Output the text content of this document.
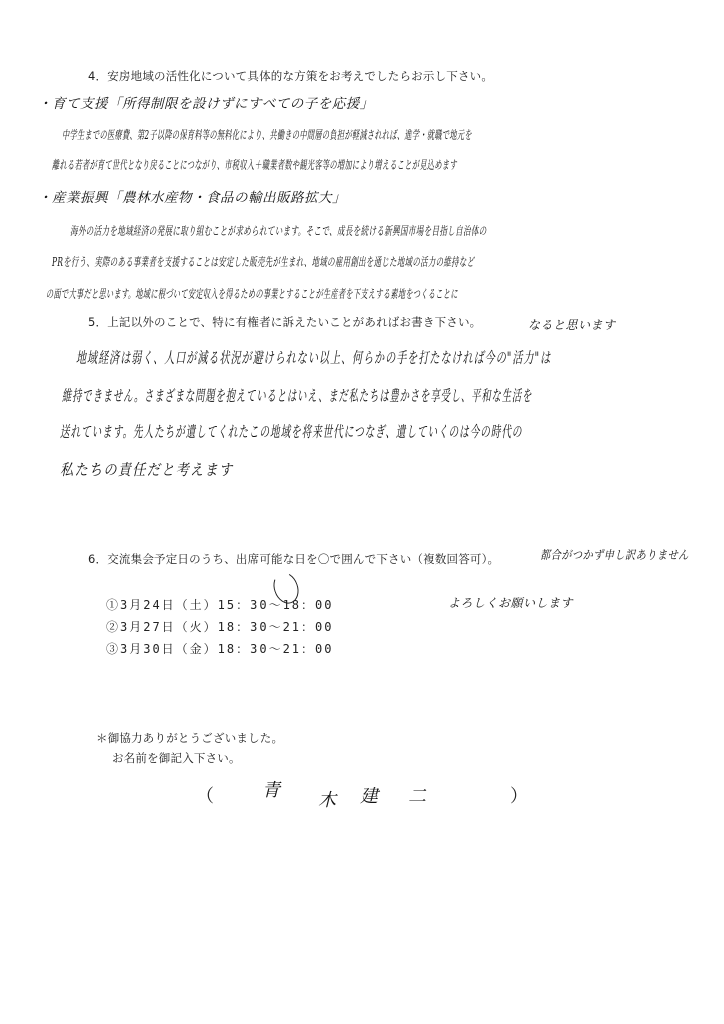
4．安房地域の活性化について具体的な方策をお考えでしたらお示し下さい。
・育て支援「所得制限を設けずにすべての子を応援」
中学生までの医療費、第2子以降の保育料等の無料化により、共働きの中間層の負担が軽減されれば、進学・就職で地元を
離れる若者が育て世代となり戻ることにつながり、市税収入＋職業者数や観光客等の増加により増えることが見込めます
・産業振興「農林水産物・食品の輸出販路拡大」
海外の活力を地域経済の発展に取り組むことが求められています。そこで、成長を続ける新興国市場を目指し自治体の
PRを行う、実際のある事業者を支援することは安定した販売先が生まれ、地域の雇用創出を通じた地域の活力の維持など
の面で大事だと思います。地域に根づいて安定収入を得るための事業とすることが生産者を下支えする素地をつくることに
5．上記以外のことで、特に有権者に訴えたいことがあればお書き下さい。	なると思います
地域経済は弱く、人口が減る状況が避けられない以上、何らかの手を打たなければ今の"活力"は
維持できません。さまざまな問題を抱えているとはいえ、まだ私たちは豊かさを享受し、平和な生活を
送れています。先人たちが遺してくれたこの地域を将来世代につなぎ、遺していくのは今の時代の
私たちの責任だと考えます
6．交流集会予定日のうち、出席可能な日を〇で囲んで下さい（複数回答可）。	都合がつかず申し訳ありません
よろしくお願いします
①3月24日（土）15：30～18：00
②3月27日（火）18：30～21：00
③3月30日（金）18：30～21：00
＊御協力ありがとうございました。
お名前を御記入下さい。
（	青 木 建 二	）
